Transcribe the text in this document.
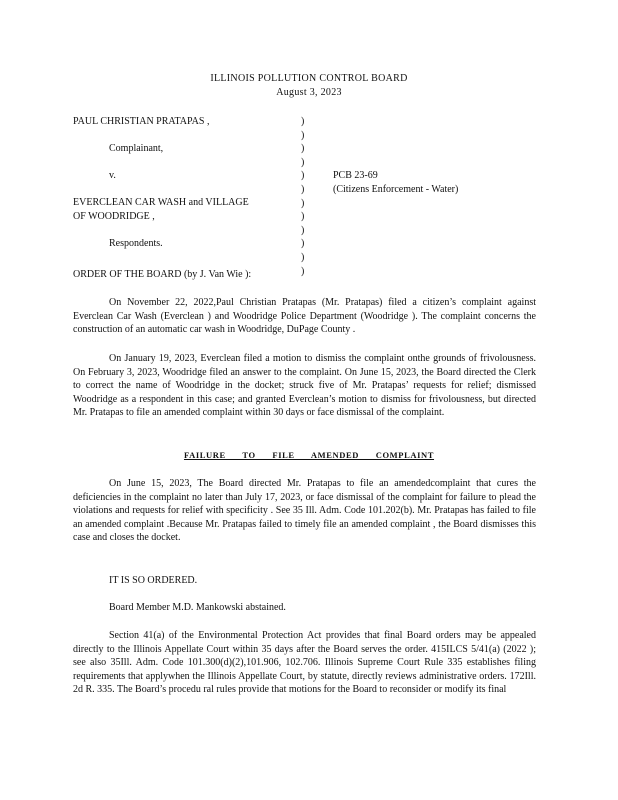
ILLINOIS POLLUTION CONTROL BOARD
August 3, 2023
PAUL CHRISTIAN PRATAPAS ,
Complainant,
v.
EVERCLEAN CAR WASH and VILLAGE
OF WOODRIDGE ,
Respondents.
)
)
)
)
)
)
)
)
)
)
)
)
PCB 23-69
(Citizens Enforcement - Water)
ORDER OF THE BOARD (by J. Van Wie ):

On November 22, 2022,Paul Christian Pratapas (Mr. Pratapas) filed a citizen’s complaint against Everclean Car Wash (Everclean ) and Woodridge Police Department (Woodridge ). The complaint concerns the construction of an automatic car wash in Woodridge, DuPage County .

On January 19, 2023, Everclean filed a motion to dismiss the complaint onthe grounds of frivolousness. On February 3, 2023, Woodridge filed an answer to the complaint. On June 15, 2023, the Board directed the Clerk to correct the name of Woodridge in the docket; struck five of Mr. Pratapas’ requests for relief; dismissed Woodridge as a respondent in this case; and granted Everclean’s motion to dismiss for frivolousness, but directed Mr. Pratapas to file an amended complaint within 30 days or face dismissal of the complaint.

FAILURE TO FILE AMENDED COMPLAINT

On June 15, 2023, The Board directed Mr. Pratapas to file an amendedcomplaint that cures the deficiencies in the complaint no later than July 17, 2023, or face dismissal of the complaint for failure to plead the violations and requests for relief with specificity . See 35 Ill. Adm. Code 101.202(b). Mr. Pratapas has failed to file an amended complaint .Because Mr. Pratapas failed to timely file an amended complaint , the Board dismisses this case and closes the docket.

IT IS SO ORDERED.
Board Member M.D. Mankowski abstained.

Section 41(a) of the Environmental Protection Act provides that final Board orders may be appealed directly to the Illinois Appellate Court within 35 days after the Board serves the order. 415ILCS 5/41(a) (2022 ); see also 35Ill. Adm. Code 101.300(d)(2),101.906, 102.706. Illinois Supreme Court Rule 335 establishes filing requirements that applywhen the Illinois Appellate Court, by statute, directly reviews administrative orders. 172Ill. 2d R. 335. The Board’s procedu ral rules provide that motions for the Board to reconsider or modify its final
